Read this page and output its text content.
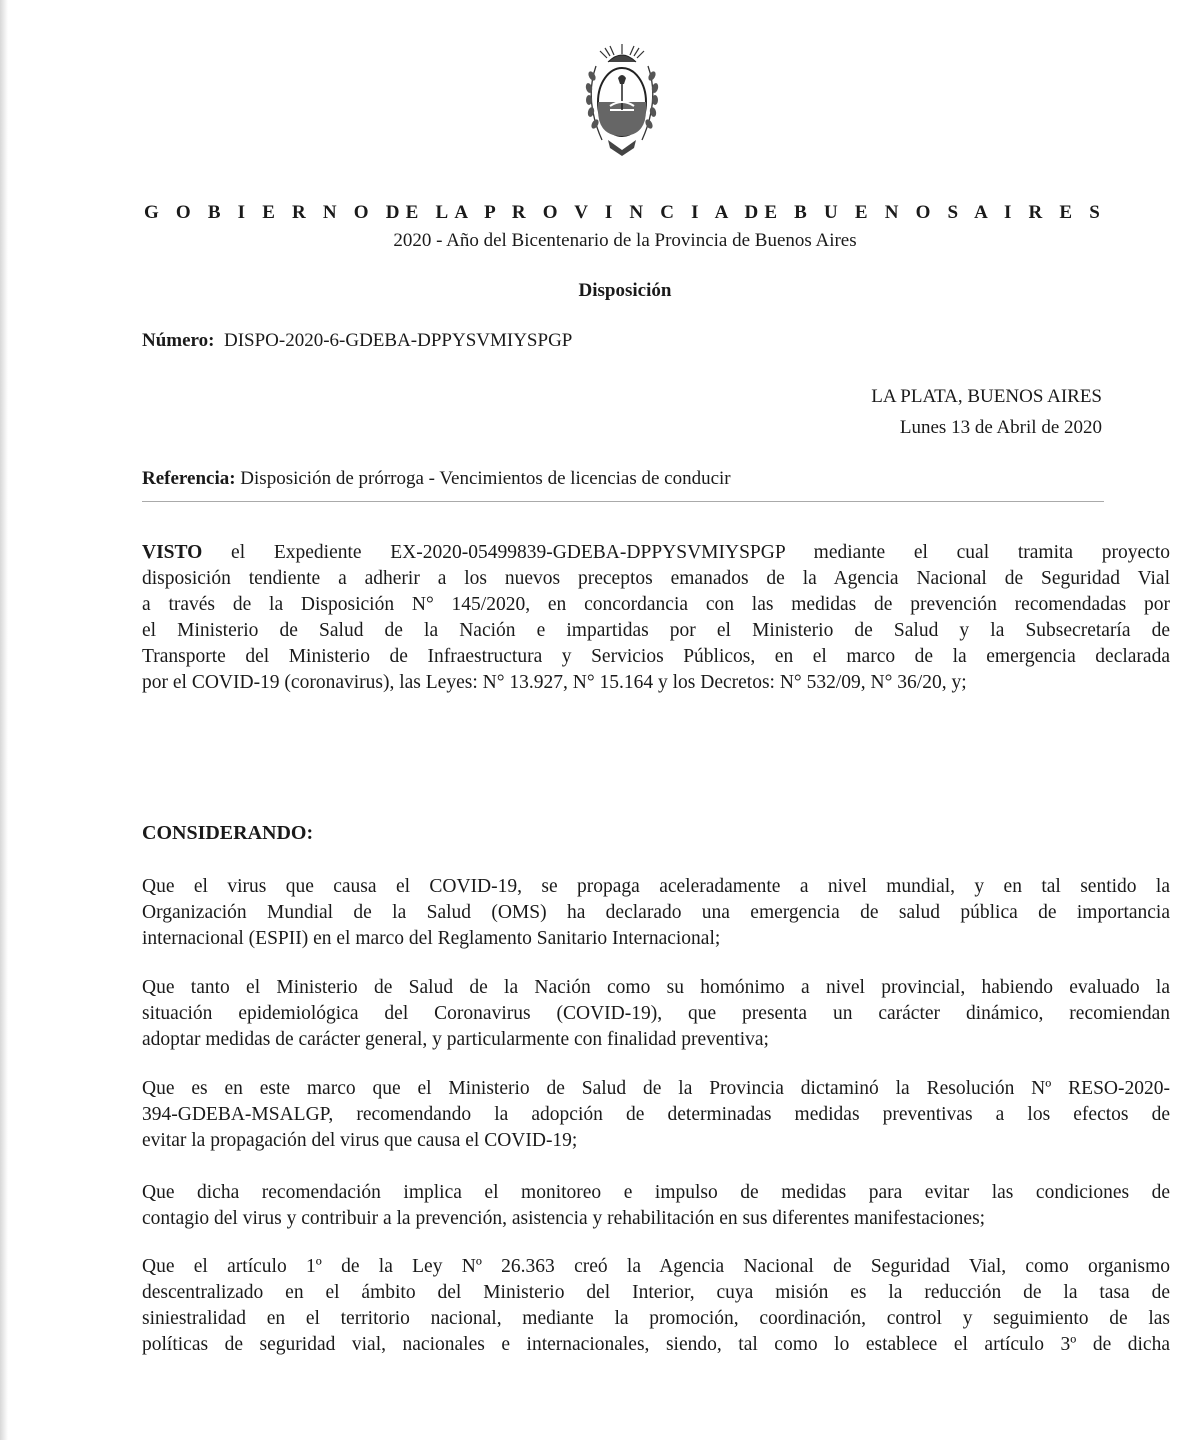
G O B I E R N O DE LA P R O V I N C I A DE B U E N O S A I R E S
2020 - Año del Bicentenario de la Provincia de Buenos Aires
Disposición
Número: DISPO-2020-6-GDEBA-DPPYSVMIYSPGP
LA PLATA, BUENOS AIRES
Lunes 13 de Abril de 2020
Referencia: Disposición de prórroga - Vencimientos de licencias de conducir
VISTO el Expediente EX-2020-05499839-GDEBA-DPPYSVMIYSPGP mediante el cual tramita proyecto
disposición tendiente a adherir a los nuevos preceptos emanados de la Agencia Nacional de Seguridad Vial
a través de la Disposición N° 145/2020, en concordancia con las medidas de prevención recomendadas por
el Ministerio de Salud de la Nación e impartidas por el Ministerio de Salud y la Subsecretaría de
Transporte del Ministerio de Infraestructura y Servicios Públicos, en el marco de la emergencia declarada
por el COVID-19 (coronavirus), las Leyes: N° 13.927, N° 15.164 y los Decretos: N° 532/09, N° 36/20, y;
CONSIDERANDO:
Que el virus que causa el COVID-19, se propaga aceleradamente a nivel mundial, y en tal sentido la
Organización Mundial de la Salud (OMS) ha declarado una emergencia de salud pública de importancia
internacional (ESPII) en el marco del Reglamento Sanitario Internacional;
Que tanto el Ministerio de Salud de la Nación como su homónimo a nivel provincial, habiendo evaluado la
situación epidemiológica del Coronavirus (COVID-19), que presenta un carácter dinámico, recomiendan
adoptar medidas de carácter general, y particularmente con finalidad preventiva;
Que es en este marco que el Ministerio de Salud de la Provincia dictaminó la Resolución Nº RESO-2020-
394-GDEBA-MSALGP, recomendando la adopción de determinadas medidas preventivas a los efectos de
evitar la propagación del virus que causa el COVID-19;
Que dicha recomendación implica el monitoreo e impulso de medidas para evitar las condiciones de
contagio del virus y contribuir a la prevención, asistencia y rehabilitación en sus diferentes manifestaciones;
Que el artículo 1º de la Ley Nº 26.363 creó la Agencia Nacional de Seguridad Vial, como organismo
descentralizado en el ámbito del Ministerio del Interior, cuya misión es la reducción de la tasa de
siniestralidad en el territorio nacional, mediante la promoción, coordinación, control y seguimiento de las
políticas de seguridad vial, nacionales e internacionales, siendo, tal como lo establece el artículo 3º de dicha
